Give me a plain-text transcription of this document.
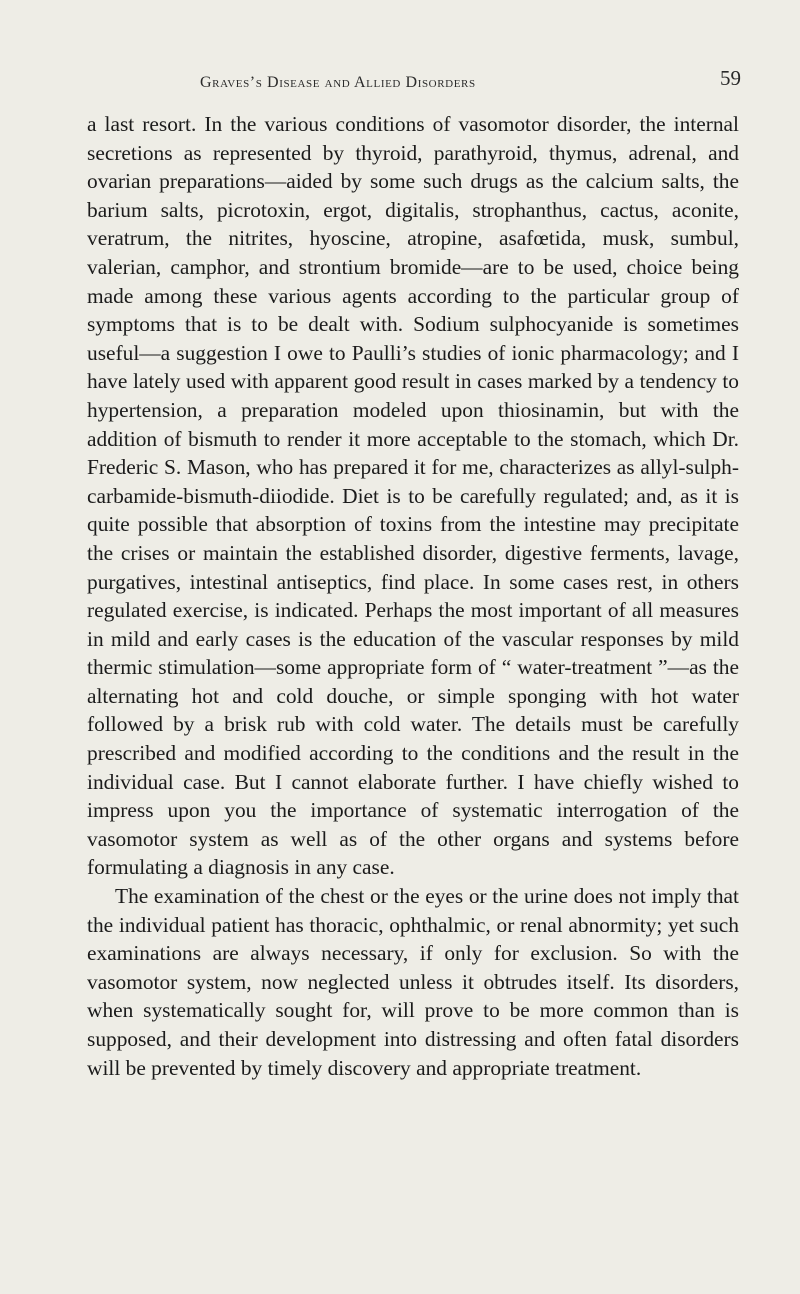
Graves’s Disease and Allied Disorders	59

a last resort. In the various conditions of vasomotor disorder, the internal secretions as represented by thyroid, parathyroid, thymus, adrenal, and ovarian preparations—aided by some such drugs as the calcium salts, the barium salts, picrotoxin, ergot, digitalis, strophanthus, cactus, aconite, veratrum, the nitrites, hyoscine, atropine, asafœtida, musk, sumbul, valerian, camphor, and strontium bromide—are to be used, choice being made among these various agents according to the particular group of symptoms that is to be dealt with. Sodium sulphocyanide is sometimes useful—a suggestion I owe to Paulli’s studies of ionic pharmacology; and I have lately used with apparent good result in cases marked by a tendency to hypertension, a preparation modeled upon thiosinamin, but with the addition of bismuth to render it more acceptable to the stomach, which Dr. Frederic S. Mason, who has prepared it for me, characterizes as allyl-sulph-carbamide-bismuth-diiodide. Diet is to be carefully regulated; and, as it is quite possible that absorption of toxins from the intestine may precipitate the crises or maintain the established disorder, digestive ferments, lavage, purgatives, intestinal antiseptics, find place. In some cases rest, in others regulated exercise, is indicated. Perhaps the most important of all measures in mild and early cases is the education of the vascular responses by mild thermic stimulation—some appropriate form of “ water-treatment ”—as the alternating hot and cold douche, or simple sponging with hot water followed by a brisk rub with cold water. The details must be carefully prescribed and modified according to the conditions and the result in the individual case. But I cannot elaborate further. I have chiefly wished to impress upon you the importance of systematic interrogation of the vasomotor system as well as of the other organs and systems before formulating a diagnosis in any case.

The examination of the chest or the eyes or the urine does not imply that the individual patient has thoracic, ophthalmic, or renal abnormity; yet such examinations are always necessary, if only for exclusion. So with the vasomotor system, now neglected unless it obtrudes itself. Its disorders, when systematically sought for, will prove to be more common than is supposed, and their development into distressing and often fatal disorders will be prevented by timely discovery and appropriate treatment.
